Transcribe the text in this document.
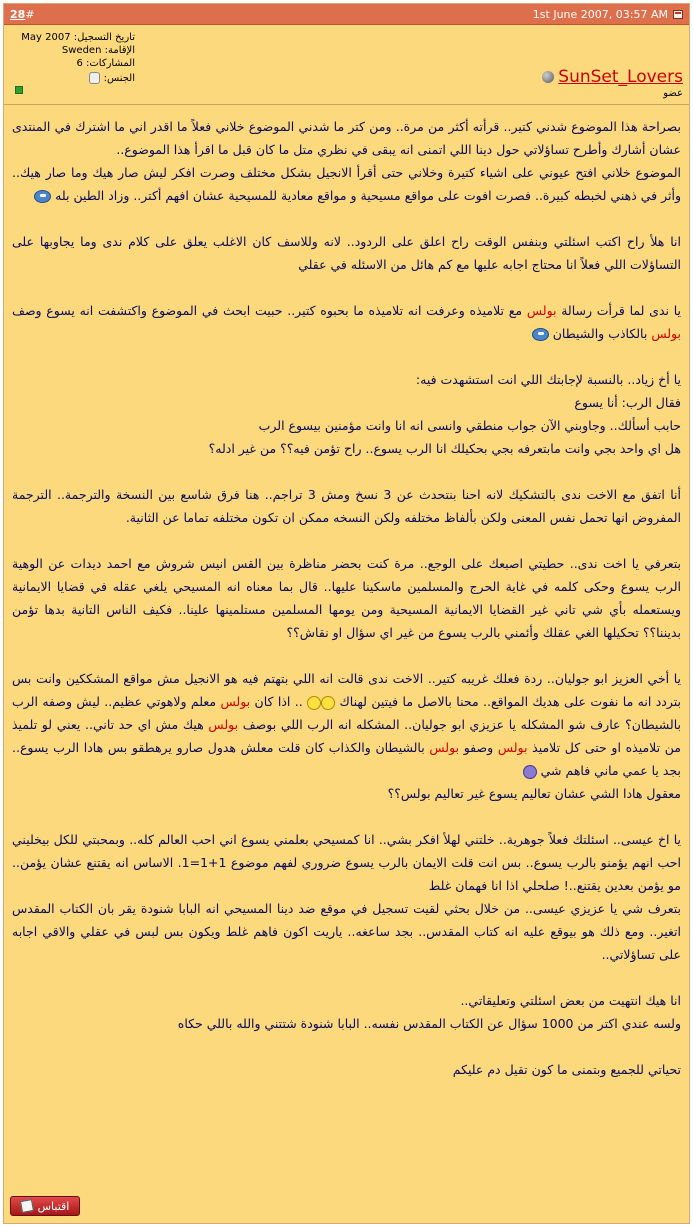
28 #	1st June 2007, 03:57 AM
تاريخ التسجيل: May 2007
الإقامة: Sweden
المشاركات: 6
الجنس:	SunSet_Lovers
عضو

بصراحة هذا الموضوع شدني كتير.. قرأته أكثر من مرة.. ومن كتر ما شدني الموضوع خلاني فعلاً ما اقدر اني ما اشترك في المنتدى عشان أشارك وأطرح تساؤلاتي حول دينا اللي اتمنى انه يبقى في نظري متل ما كان قبل ما اقرأ هذا الموضوع..

الموضوع خلاني افتح عيوني على اشياء كتيرة وخلاني حتى أقرأ الانجيل بشكل مختلف وصرت افكر ليش صار هيك وما صار هيك.. وأثر في ذهني لخبطه كبيرة.. فصرت افوت على مواقع مسيحية و مواقع معادية للمسيحية عشان افهم أكتر.. وزاد الطين بله

انا هلأ راح اكتب اسئلتي وبنفس الوقت راح اعلق على الردود.. لانه وللاسف كان الاغلب يعلق على كلام ندى وما يجاوبها على التساؤلات اللي فعلاً انا محتاج اجابه عليها مع كم هائل من الاسئله في عقلي

يا ندى لما قرأت رسالة بولس مع تلاميذه وعرفت انه تلاميذه ما بحبوه كتير.. حبيت ابحث في الموضوع واكتشفت انه يسوع وصف بولس بالكاذب والشيطان

يا أخ زياد.. بالنسبة لإجابتك اللي انت استشهدت فيه:

فقال الرب: أنا يسوع

حابب أسألك.. وجاوبني الآن جواب منطقي وانسى انه انا وانت مؤمنين بيسوع الرب

هل اي واحد بجي وانت مابتعرفه بجي بحكيلك انا الرب يسوع.. راح تؤمن فيه؟؟ من غير ادله؟

أنا اتفق مع الاخت ندى بالتشكيك لانه احنا بنتحدث عن 3 نسخ ومش 3 تراجم.. هنا فرق شاسع بين النسخة والترجمة.. الترجمة المفروض انها تحمل نفس المعنى ولكن بألفاظ مختلفه ولكن النسخه ممكن ان تكون مختلفه تماما عن الثانية.

بتعرفي يا اخت ندى.. حطيتي اصبعك على الوجع.. مرة كنت بحضر مناظرة بين القس انيس شروش مع احمد ديدات عن الوهية الرب يسوع وحكى كلمه في غاية الحرج والمسلمين ماسكينا عليها.. قال بما معناه انه المسيحي يلغي عقله في قضايا الايمانية ويستعمله بأي شي تاني غير القضايا الايمانية المسيحية ومن يومها المسلمين مستلمينها علينا.. فكيف الناس التانية بدها تؤمن بديننا؟؟ تحكيلها الغي عقلك وأئمني بالرب يسوع من غير اي سؤال او نقاش؟؟

يا أخي العزيز ابو جوليان.. ردة فعلك غريبه كتير.. الاخت ندى قالت انه اللي بتهتم فيه هو الانجيل مش مواقع المشككين وانت بس بتردد انه ما نفوت على هديك المواقع.. محنا بالاصل ما فيتين لهناك  .. اذا كان بولس معلم ولاهوتي عظيم.. ليش وصفه الرب بالشيطان؟ عارف شو المشكله يا عزيزي ابو جوليان.. المشكله انه الرب اللي بوصف بولس هيك مش اي حد تاني.. يعني لو تلميذ من تلاميذه او حتى كل تلاميذ بولس وصفو بولس بالشيطان والكذاب كان قلت معلش هدول صارو يرهطقو بس هادا الرب يسوع.. بجد يا عمي ماني فاهم شي

معقول هادا الشي عشان تعاليم يسوع غير تعاليم بولس؟؟

يا اخ عيسى.. اسئلتك فعلاً جوهرية.. خلتني لهلأ افكر بشي.. انا كمسيحي بعلمني يسوع اني احب العالم كله.. وبمحبتي للكل بيخليني احب انهم يؤمنو بالرب يسوع.. بس انت قلت الايمان بالرب يسوع ضروري لفهم موضوع 1+1=1. الاساس انه يقتنع عشان يؤمن.. مو يؤمن بعدين يقتنع..! صلحلي اذا انا فهمان غلط

بتعرف شي يا عزيزي عيسى.. من خلال بحثي لقيت تسجيل في موقع ضد دينا المسيحي انه البابا شنودة يقر بان الكتاب المقدس اتغير.. ومع ذلك هو بيوقع عليه انه كتاب المقدس.. بجد ساعغه.. ياريت اكون فاهم غلط ويكون بس لبس في عقلي والاقي اجابه على تساؤلاتي..

انا هيك انتهيت من بعض اسئلتي وتعليقاتي..

ولسه عندي اكتر من 1000 سؤال عن الكتاب المقدس نفسه.. البابا شنودة شتتني والله باللي حكاه

تحياتي للجميع وبتمنى ما كون تقيل دم عليكم

اقتباس
